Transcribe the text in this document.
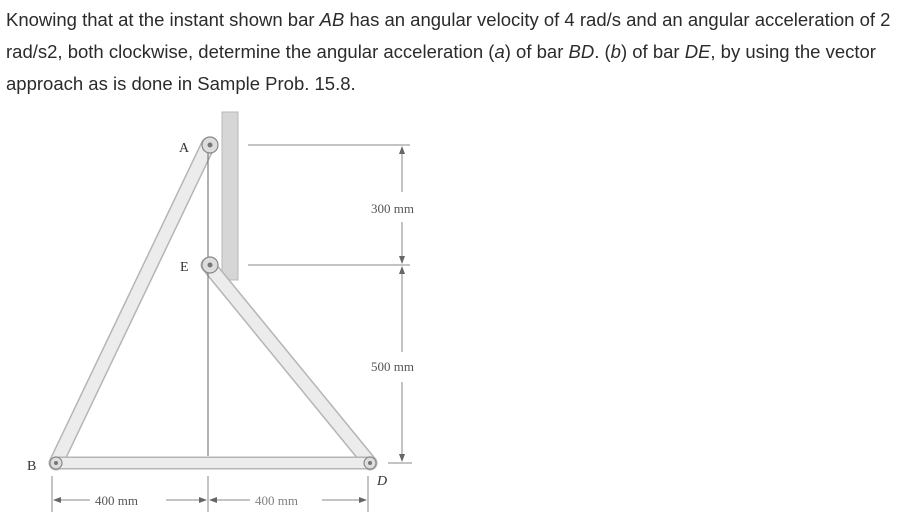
Knowing that at the instant shown bar AB has an angular velocity of 4 rad/s and an angular acceleration of 2 rad/s2, both clockwise, determine the angular acceleration (a) of bar BD. (b) of bar DE, by using the vector approach as is done in Sample Prob. 15.8.

A
E
B
D
300 mm
500 mm
400 mm	400 mm
